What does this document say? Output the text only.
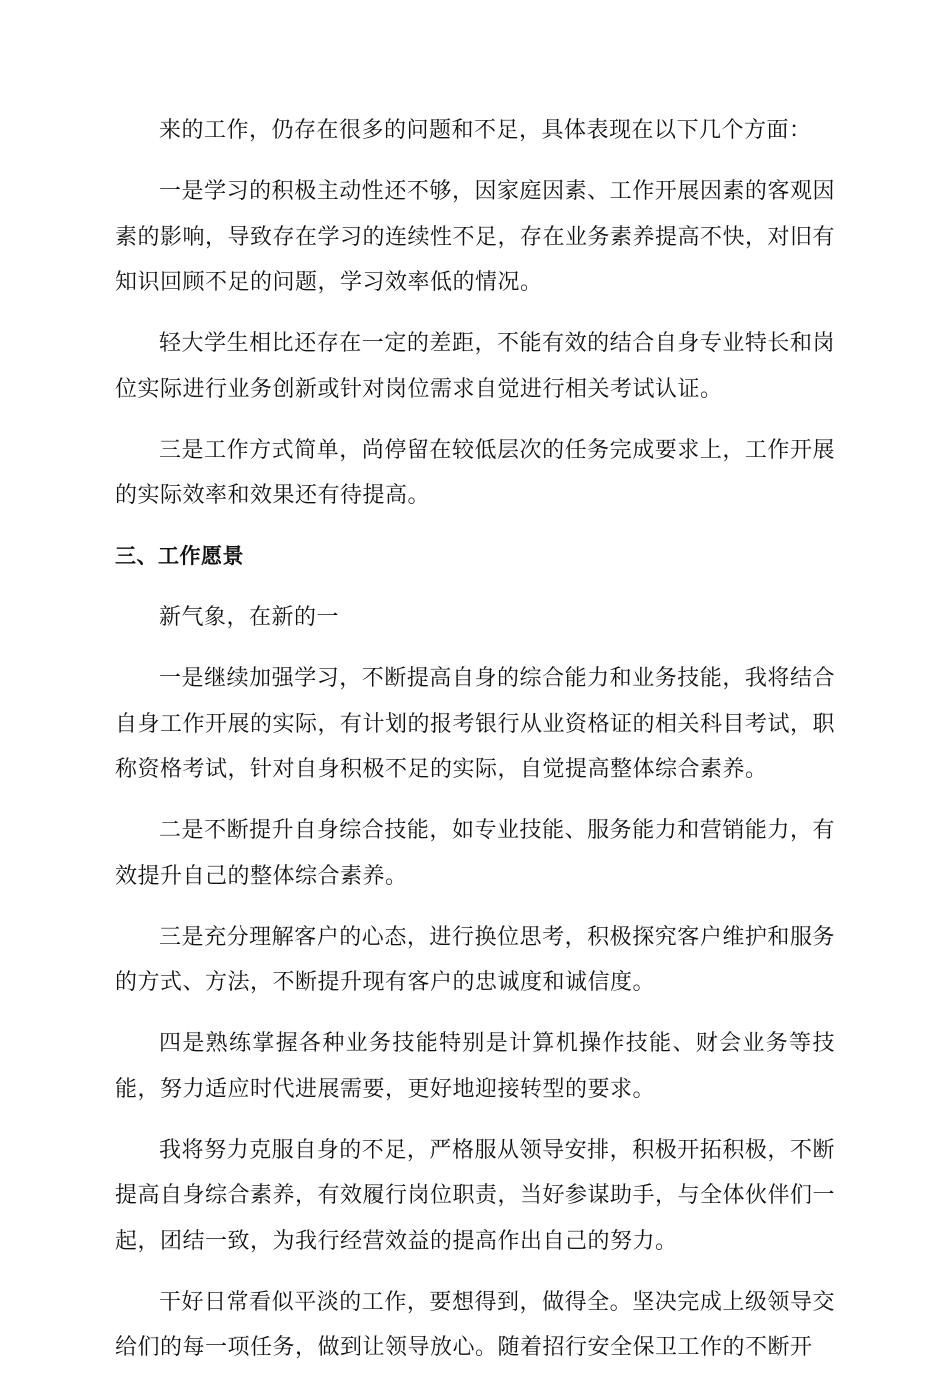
来的工作，仍存在很多的问题和不足，具体表现在以下几个方面：

一是学习的积极主动性还不够，因家庭因素、工作开展因素的客观因素的影响，导致存在学习的连续性不足，存在业务素养提高不快，对旧有知识回顾不足的问题，学习效率低的情况。

轻大学生相比还存在一定的差距，不能有效的结合自身专业特长和岗位实际进行业务创新或针对岗位需求自觉进行相关考试认证。

三是工作方式简单，尚停留在较低层次的任务完成要求上，工作开展的实际效率和效果还有待提高。

三、工作愿景

新气象，在新的一

一是继续加强学习，不断提高自身的综合能力和业务技能，我将结合自身工作开展的实际，有计划的报考银行从业资格证的相关科目考试，职称资格考试，针对自身积极不足的实际，自觉提高整体综合素养。

二是不断提升自身综合技能，如专业技能、服务能力和营销能力，有效提升自己的整体综合素养。

三是充分理解客户的心态，进行换位思考，积极探究客户维护和服务的方式、方法，不断提升现有客户的忠诚度和诚信度。

四是熟练掌握各种业务技能特别是计算机操作技能、财会业务等技能，努力适应时代进展需要，更好地迎接转型的要求。

我将努力克服自身的不足，严格服从领导安排，积极开拓积极，不断提高自身综合素养，有效履行岗位职责，当好参谋助手，与全体伙伴们一起，团结一致，为我行经营效益的提高作出自己的努力。

干好日常看似平淡的工作，要想得到，做得全。坚决完成上级领导交给们的每一项任务，做到让领导放心。随着招行安全保卫工作的不断开
